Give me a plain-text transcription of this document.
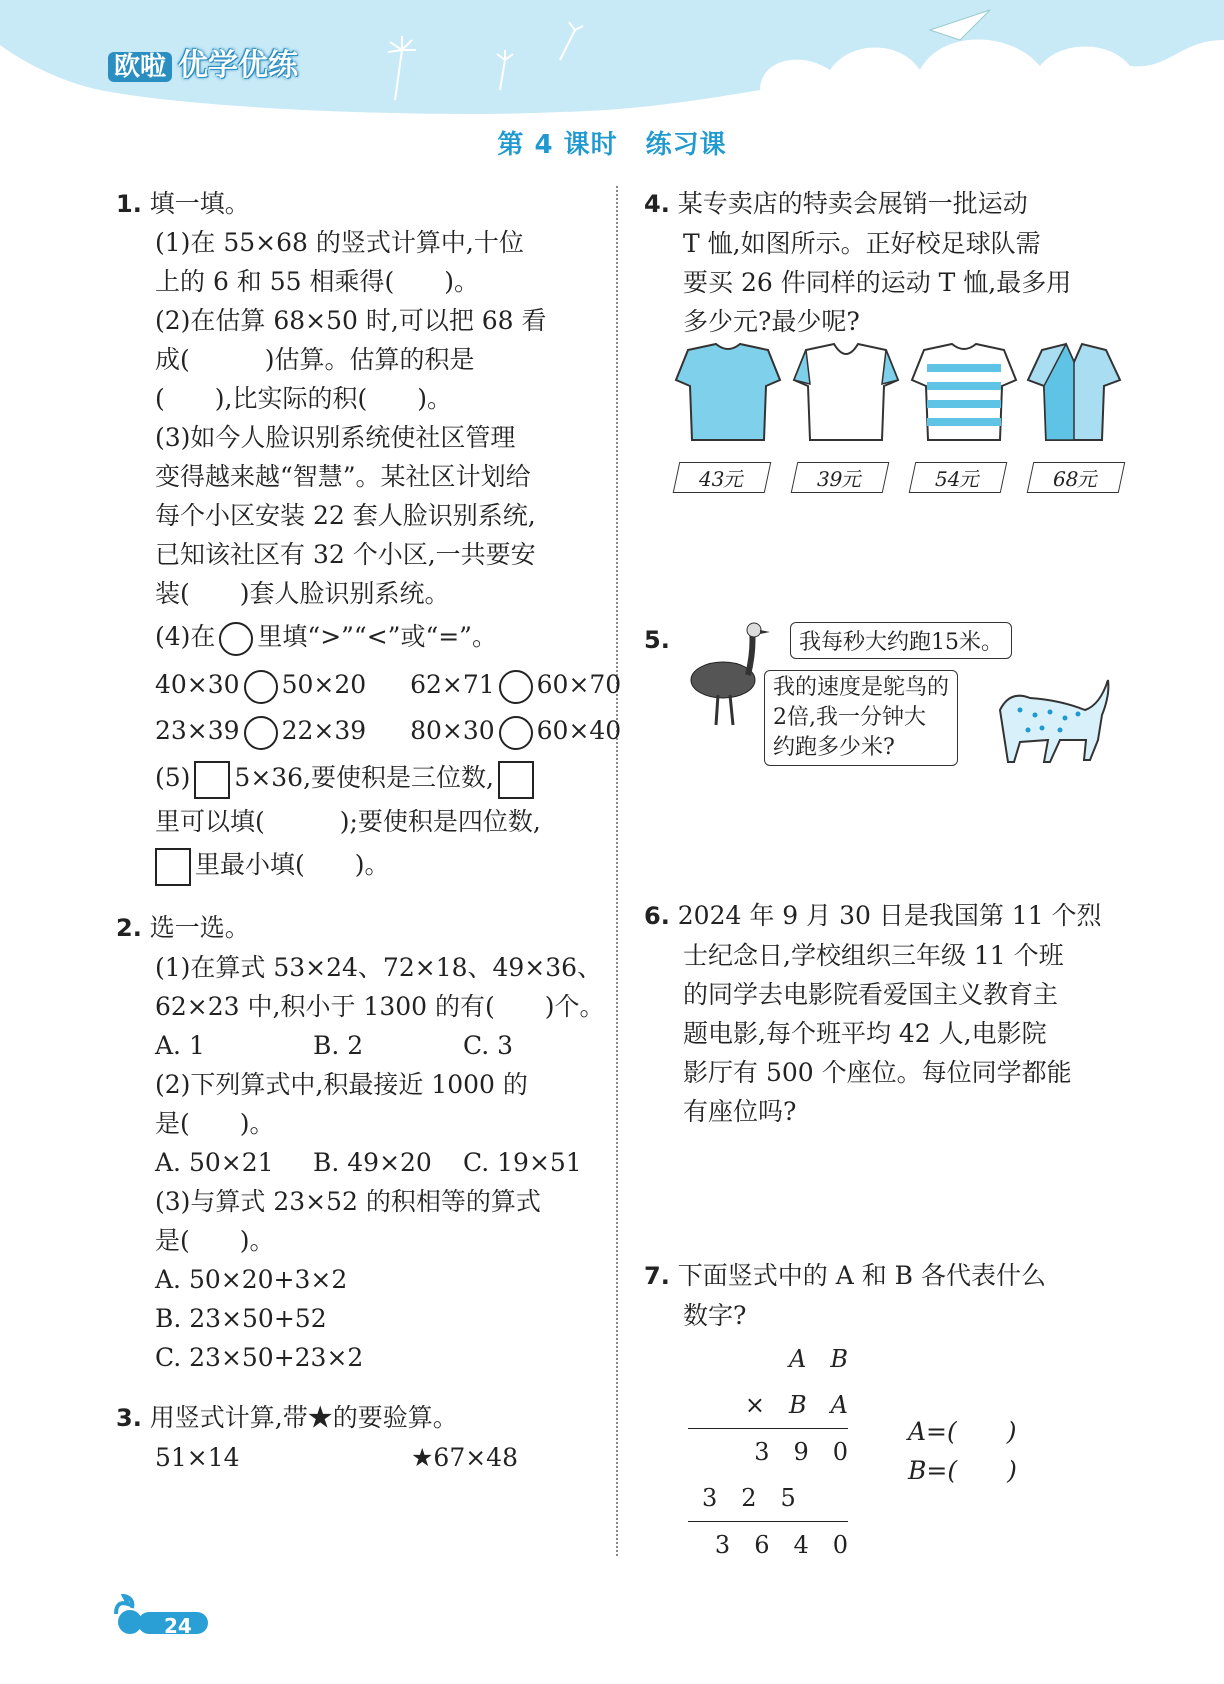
欧啦 优学优练
第 4 课时 练习课
1. 填一填。
(1)在 55×68 的竖式计算中,十位
上的 6 和 55 相乘得(　　)。
(2)在估算 68×50 时,可以把 68 看
成(　　　)估算。估算的积是
(　　),比实际的积(　　)。
(3)如今人脸识别系统使社区管理
变得越来越“智慧”。某社区计划给
每个小区安装 22 套人脸识别系统,
已知该社区有 32 个小区,一共要安
装(　　)套人脸识别系统。
(4)在 里填“>”“<”或“=”。
40×30 50×20 62×71 60×70
23×39 22×39 80×30 60×40
(5) 5×36,要使积是三位数,
里可以填(　　　);要使积是四位数,
里最小填(　　)。
2. 选一选。
(1)在算式 53×24、72×18、49×36、
62×23 中,积小于 1300 的有(　　)个。
A. 1	B. 2	C. 3
(2)下列算式中,积最接近 1000 的
是(　　)。
A. 50×21 B. 49×20 C. 19×51
(3)与算式 23×52 的积相等的算式
是(　　)。
A. 50×20+3×2
B. 23×50+52
C. 23×50+23×2
3. 用竖式计算,带★的要验算。
51×14	★67×48
4. 某专卖店的特卖会展销一批运动
T 恤,如图所示。正好校足球队需
要买 26 件同样的运动 T 恤,最多用
多少元?最少呢?
43元	39元	54元	68元
5.	我每秒大约跑15米。
我的速度是鸵鸟的
2倍,我一分钟大
约跑多少米?
6. 2024 年 9 月 30 日是我国第 11 个烈
士纪念日,学校组织三年级 11 个班
的同学去电影院看爱国主义教育主
题电影,每个班平均 42 人,电影院
影厅有 500 个座位。每位同学都能
有座位吗?
7. 下面竖式中的 A 和 B 各代表什么
数字?
A　B
×　B　A
3　9　0
3　2　5
3　6　4　0
A=(　　)
B=(　　)
24
